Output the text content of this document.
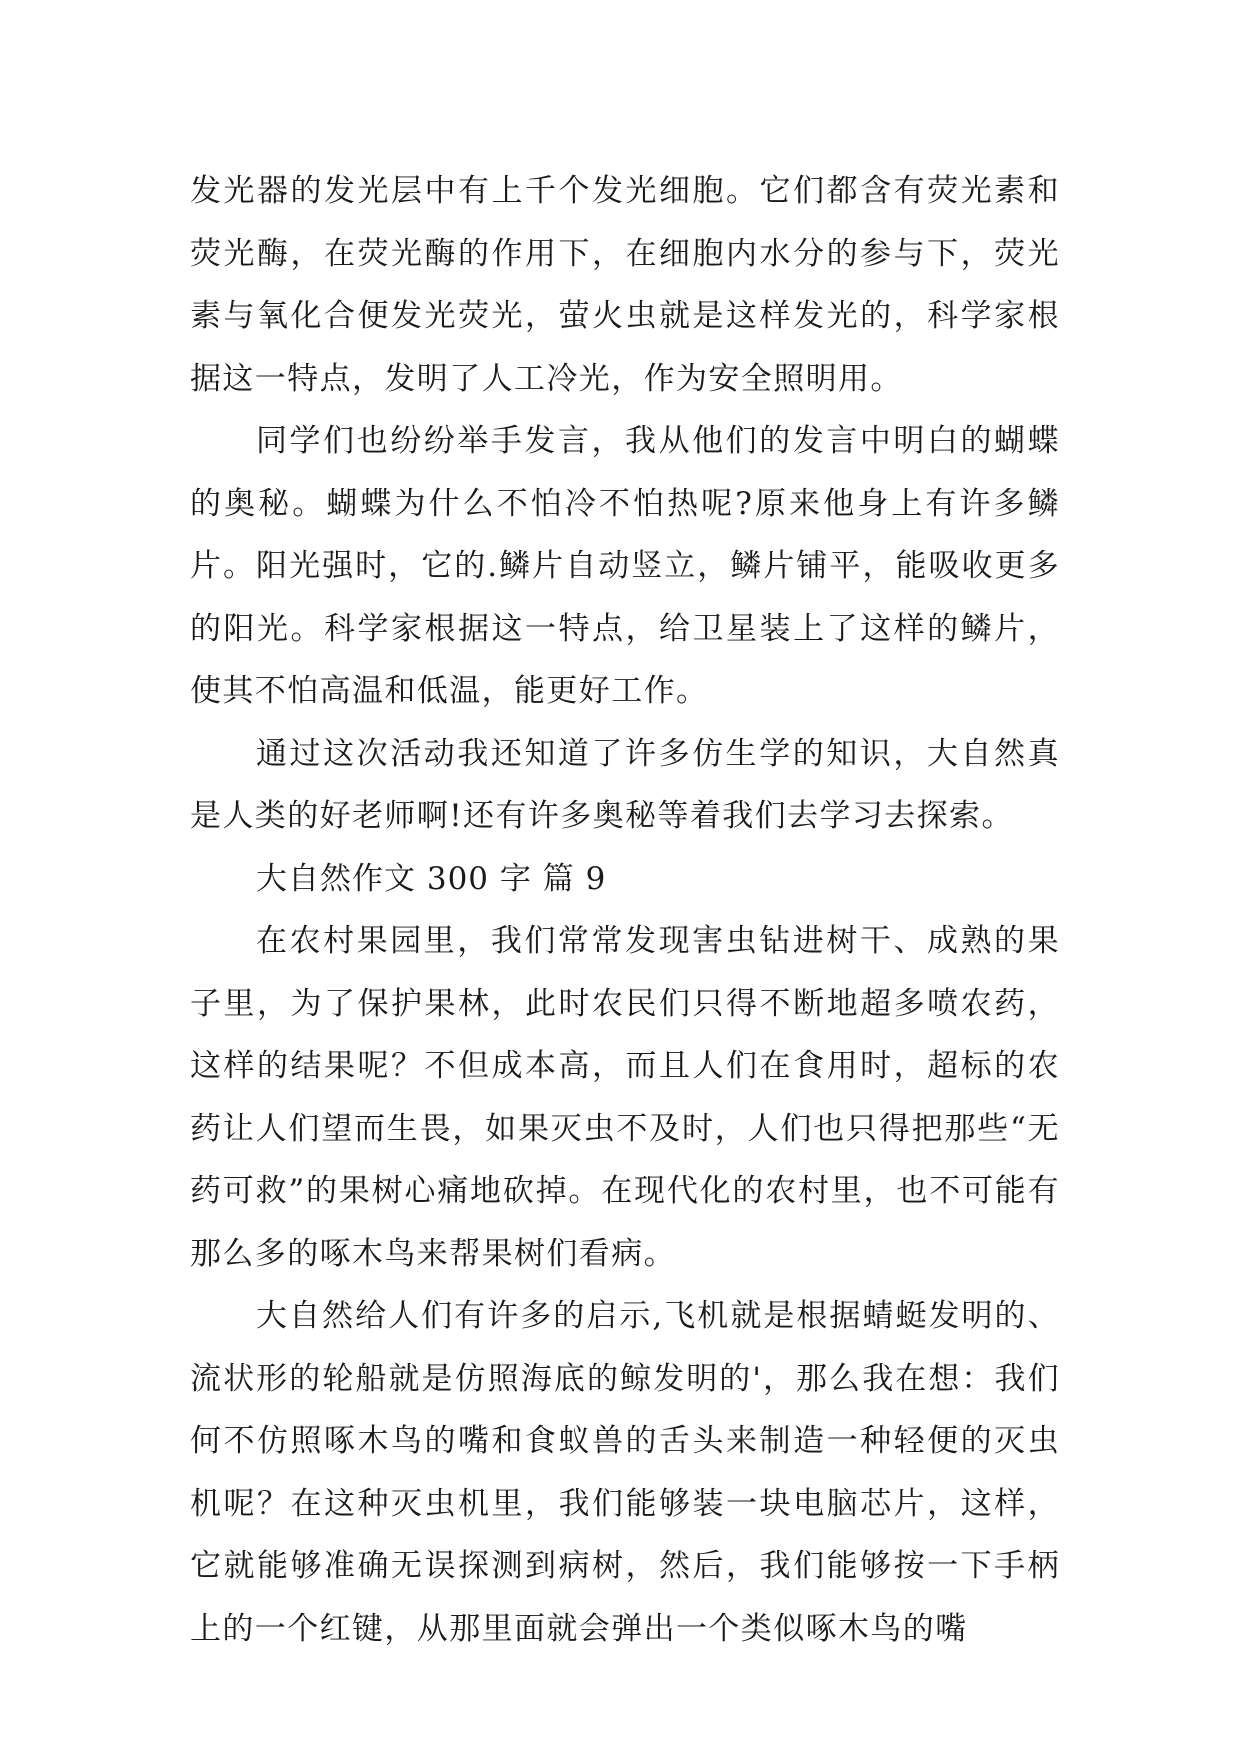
发光器的发光层中有上千个发光细胞。它们都含有荧光素和荧光酶，在荧光酶的作用下，在细胞内水分的参与下，荧光素与氧化合便发光荧光，萤火虫就是这样发光的，科学家根据这一特点，发明了人工冷光，作为安全照明用。

同学们也纷纷举手发言，我从他们的发言中明白的蝴蝶的奥秘。蝴蝶为什么不怕冷不怕热呢?原来他身上有许多鳞片。阳光强时，它的.鳞片自动竖立，鳞片铺平，能吸收更多的阳光。科学家根据这一特点，给卫星装上了这样的鳞片，使其不怕高温和低温，能更好工作。

通过这次活动我还知道了许多仿生学的知识，大自然真是人类的好老师啊!还有许多奥秘等着我们去学习去探索。

大自然作文 300 字 篇 9

在农村果园里，我们常常发现害虫钻进树干、成熟的果子里，为了保护果林，此时农民们只得不断地超多喷农药，这样的结果呢？不但成本高，而且人们在食用时，超标的农药让人们望而生畏，如果灭虫不及时，人们也只得把那些“无药可救”的果树心痛地砍掉。在现代化的农村里，也不可能有那么多的啄木鸟来帮果树们看病。

大自然给人们有许多的启示,飞机就是根据蜻蜓发明的、流状形的轮船就是仿照海底的鲸发明的'，那么我在想：我们何不仿照啄木鸟的嘴和食蚁兽的舌头来制造一种轻便的灭虫机呢？在这种灭虫机里，我们能够装一块电脑芯片，这样，它就能够准确无误探测到病树，然后，我们能够按一下手柄上的一个红键，从那里面就会弹出一个类似啄木鸟的嘴
